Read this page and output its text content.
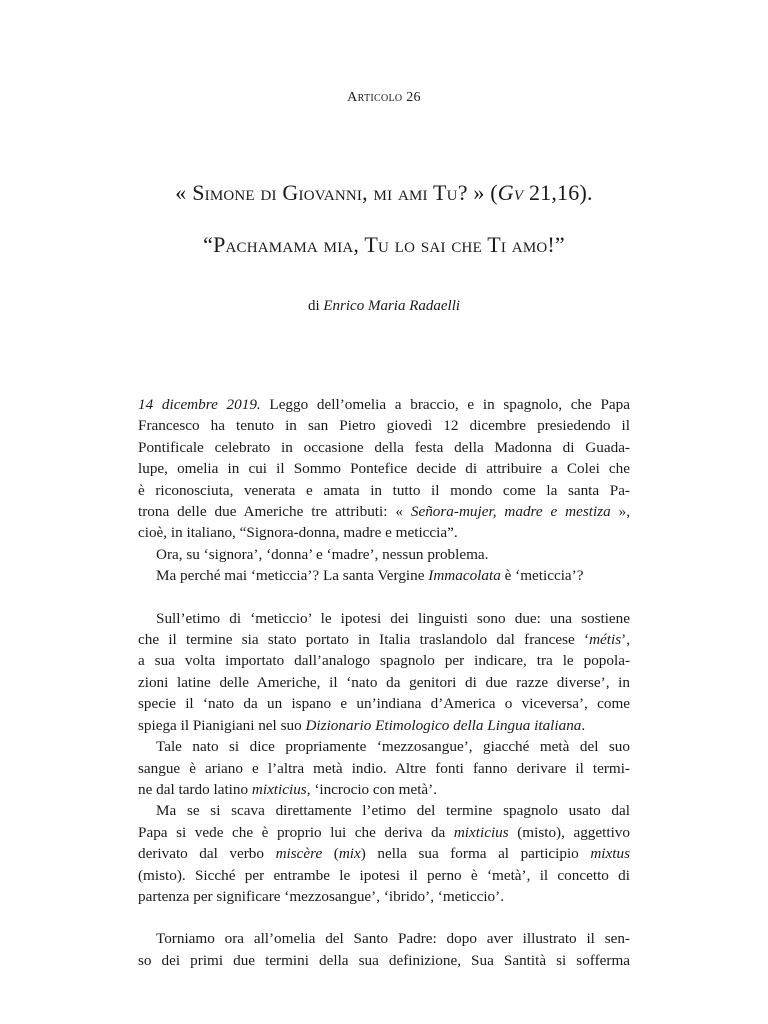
Articolo 26
« Simone di Giovanni, mi ami Tu? » (Gv 21,16).
“Pachamama mia, Tu lo sai che Ti amo!”
di Enrico Maria Radaelli

14 dicembre 2019. Leggo dell’omelia a braccio, e in spagnolo, che Papa
Francesco ha tenuto in san Pietro giovedì 12 dicembre presiedendo il
Pontificale celebrato in occasione della festa della Madonna di Guada-
lupe, omelia in cui il Sommo Pontefice decide di attribuire a Colei che
è riconosciuta, venerata e amata in tutto il mondo come la santa Pa-
trona delle due Americhe tre attributi: « Señora-mujer, madre e mestiza »,
cioè, in italiano, “Signora-donna, madre e meticcia”.

Ora, su ‘signora’, ‘donna’ e ‘madre’, nessun problema.

Ma perché mai ‘meticcia’? La santa Vergine Immacolata è ‘meticcia’?

Sull’etimo di ‘meticcio’ le ipotesi dei linguisti sono due: una sostiene
che il termine sia stato portato in Italia traslandolo dal francese ‘métis’,
a sua volta importato dall’analogo spagnolo per indicare, tra le popola-
zioni latine delle Americhe, il ‘nato da genitori di due razze diverse’, in
specie il ‘nato da un ispano e un’indiana d’America o viceversa’, come
spiega il Pianigiani nel suo Dizionario Etimologico della Lingua italiana.

Tale nato si dice propriamente ‘mezzosangue’, giacché metà del suo
sangue è ariano e l’altra metà indio. Altre fonti fanno derivare il termi-
ne dal tardo latino mixticius, ‘incrocio con metà’.

Ma se si scava direttamente l’etimo del termine spagnolo usato dal
Papa si vede che è proprio lui che deriva da mixticius (misto), aggettivo
derivato dal verbo miscère (mix) nella sua forma al participio mixtus
(misto). Sicché per entrambe le ipotesi il perno è ‘metà’, il concetto di
partenza per significare ‘mezzosangue’, ‘ibrido’, ‘meticcio’.

Torniamo ora all’omelia del Santo Padre: dopo aver illustrato il sen-
so dei primi due termini della sua definizione, Sua Santità si sofferma
